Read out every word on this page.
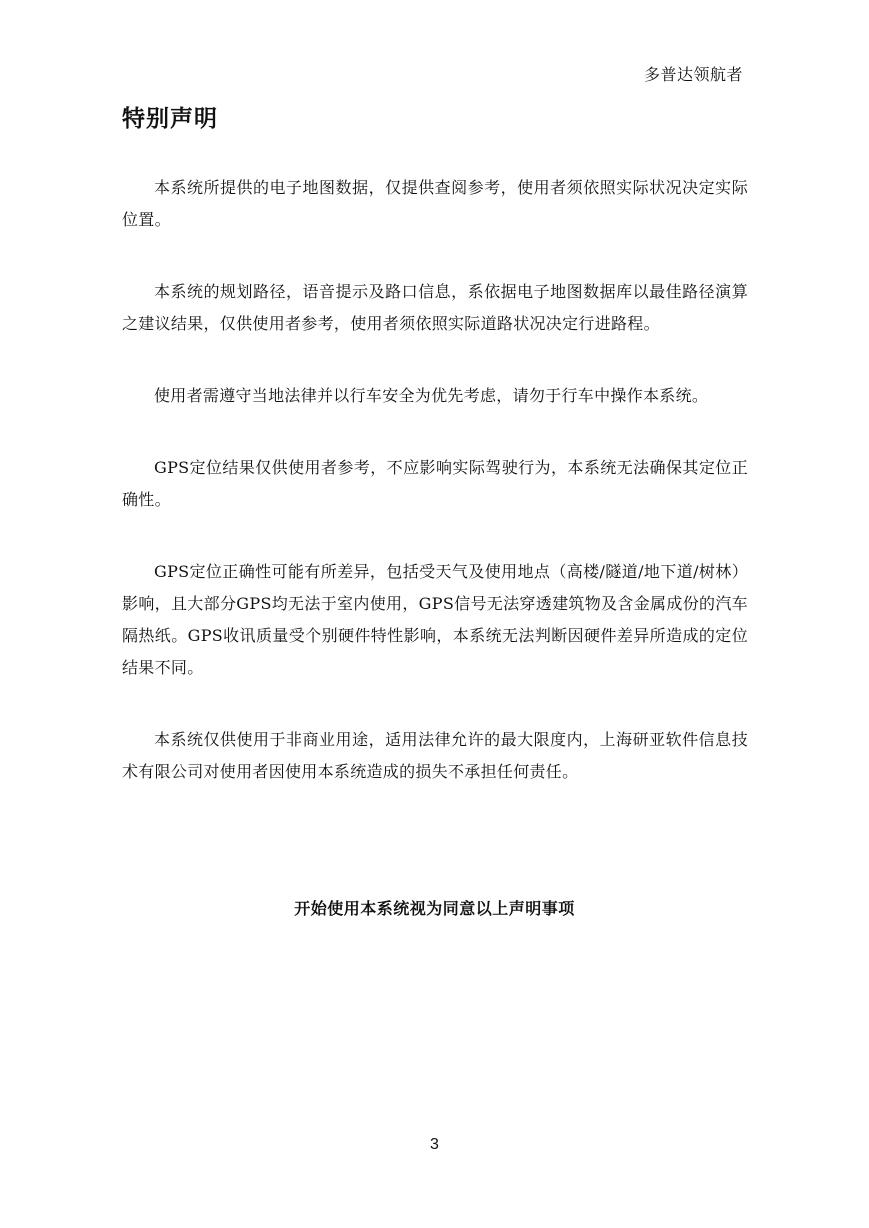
多普达领航者
特别声明

本系统所提供的电子地图数据，仅提供查阅参考，使用者须依照实际状况决定实际位置。

本系统的规划路径，语音提示及路口信息，系依据电子地图数据库以最佳路径演算之建议结果，仅供使用者参考，使用者须依照实际道路状况决定行进路程。

使用者需遵守当地法律并以行车安全为优先考虑，请勿于行车中操作本系统。

GPS定位结果仅供使用者参考，不应影响实际驾驶行为，本系统无法确保其定位正确性。

GPS定位正确性可能有所差异，包括受天气及使用地点（高楼/隧道/地下道/树林）影响，且大部分GPS均无法于室内使用，GPS信号无法穿透建筑物及含金属成份的汽车隔热纸。GPS收讯质量受个别硬件特性影响，本系统无法判断因硬件差异所造成的定位结果不同。

本系统仅供使用于非商业用途，适用法律允许的最大限度内，上海研亚软件信息技术有限公司对使用者因使用本系统造成的损失不承担任何责任。

开始使用本系统视为同意以上声明事项
3
